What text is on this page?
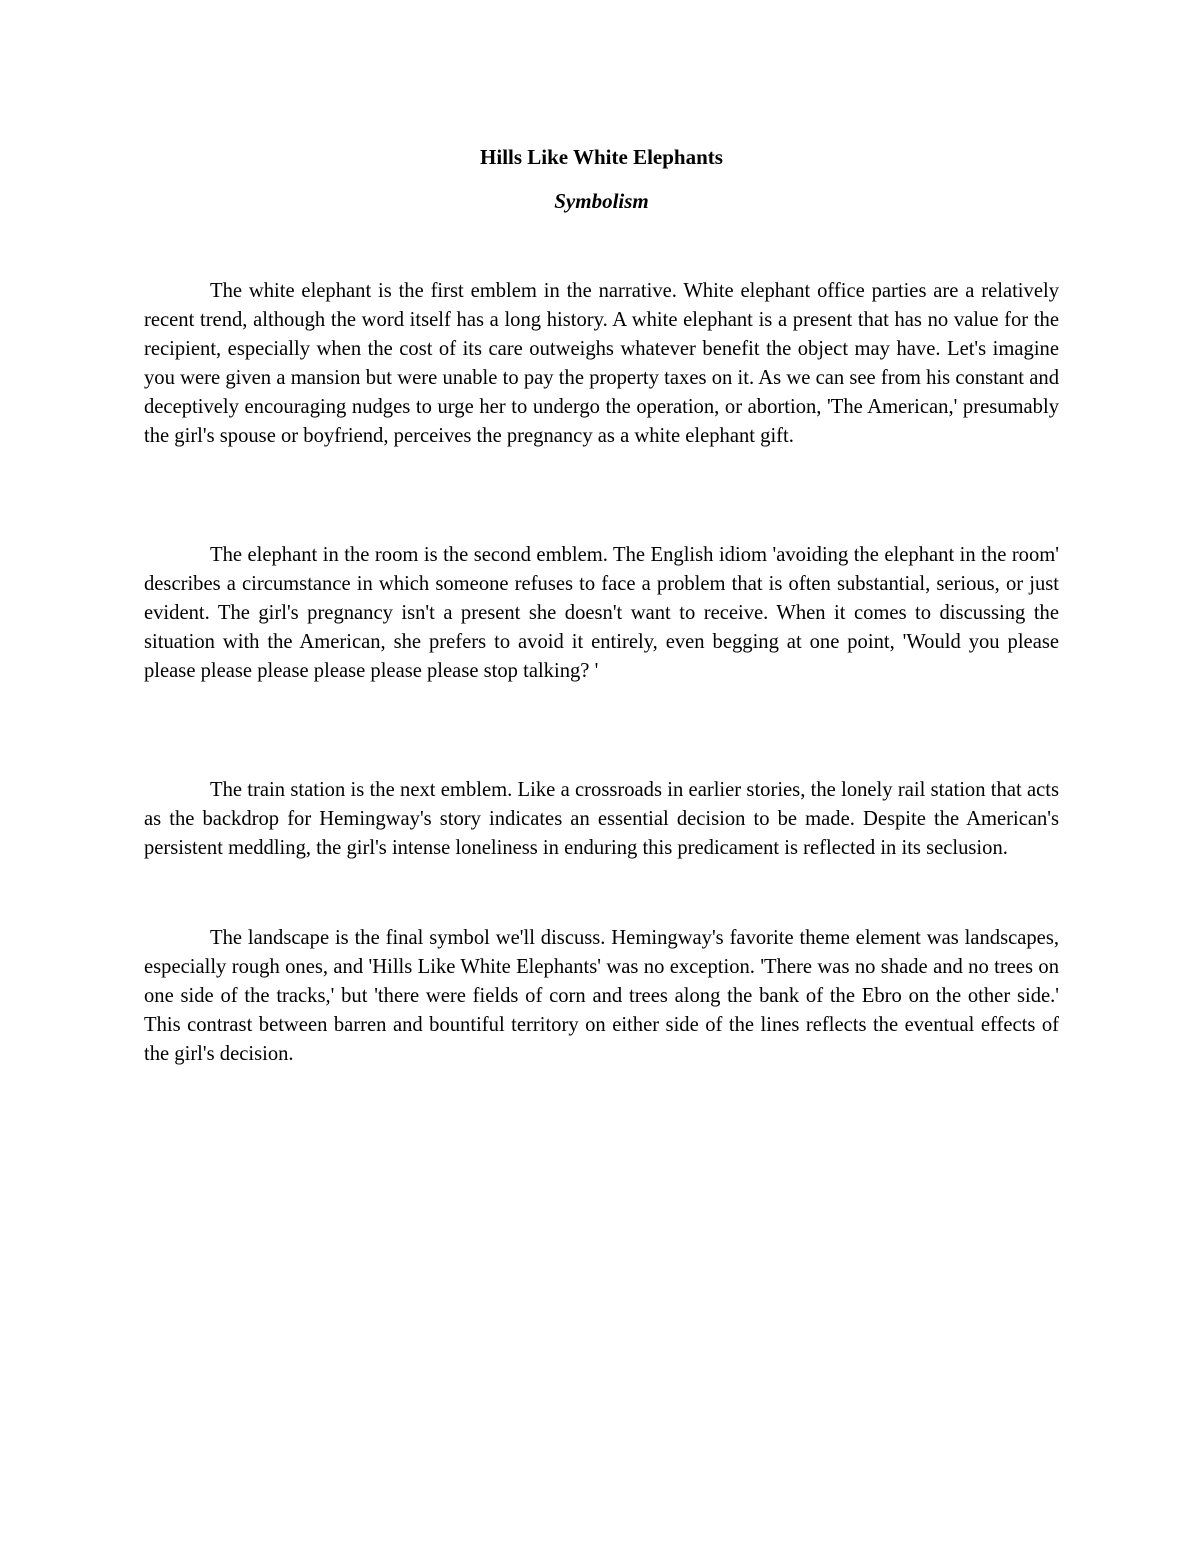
Hills Like White Elephants
Symbolism

The white elephant is the first emblem in the narrative. White elephant office parties are a relatively recent trend, although the word itself has a long history. A white elephant is a present that has no value for the recipient, especially when the cost of its care outweighs whatever benefit the object may have. Let's imagine you were given a mansion but were unable to pay the property taxes on it. As we can see from his constant and deceptively encouraging nudges to urge her to undergo the operation, or abortion, 'The American,' presumably the girl's spouse or boyfriend, perceives the pregnancy as a white elephant gift.

The elephant in the room is the second emblem. The English idiom 'avoiding the elephant in the room' describes a circumstance in which someone refuses to face a problem that is often substantial, serious, or just evident. The girl's pregnancy isn't a present she doesn't want to receive. When it comes to discussing the situation with the American, she prefers to avoid it entirely, even begging at one point, 'Would you please please please please please please please stop talking? '

The train station is the next emblem. Like a crossroads in earlier stories, the lonely rail station that acts as the backdrop for Hemingway's story indicates an essential decision to be made. Despite the American's persistent meddling, the girl's intense loneliness in enduring this predicament is reflected in its seclusion.

The landscape is the final symbol we'll discuss. Hemingway's favorite theme element was landscapes, especially rough ones, and 'Hills Like White Elephants' was no exception. 'There was no shade and no trees on one side of the tracks,' but 'there were fields of corn and trees along the bank of the Ebro on the other side.' This contrast between barren and bountiful territory on either side of the lines reflects the eventual effects of the girl's decision.
